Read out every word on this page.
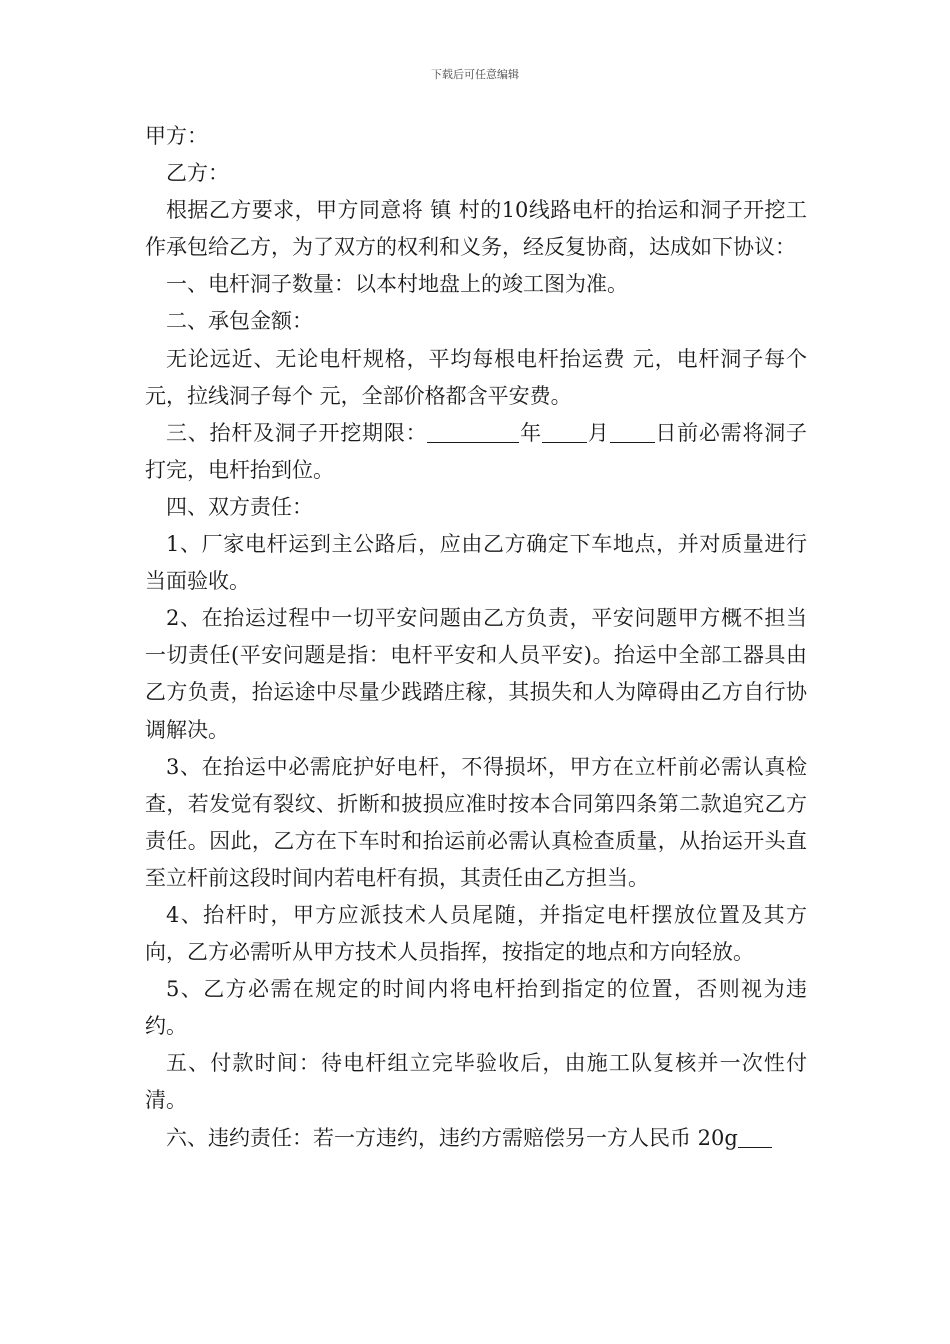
下载后可任意编辑

甲方：

乙方：

根据乙方要求，甲方同意将 镇 村的10线路电杆的抬运和洞子开挖工作承包给乙方，为了双方的权利和义务，经反复协商，达成如下协议：

一、电杆洞子数量：以本村地盘上的竣工图为准。

二、承包金额：

无论远近、无论电杆规格，平均每根电杆抬运费 元，电杆洞子每个 元，拉线洞子每个 元，全部价格都含平安费。

三、抬杆及洞子开挖期限：	年 月 日前必需将洞子打完，电杆抬到位。

四、双方责任：

1、厂家电杆运到主公路后，应由乙方确定下车地点，并对质量进行当面验收。

2、在抬运过程中一切平安问题由乙方负责，平安问题甲方概不担当一切责任(平安问题是指：电杆平安和人员平安)。抬运中全部工器具由乙方负责，抬运途中尽量少践踏庄稼，其损失和人为障碍由乙方自行协调解决。

3、在抬运中必需庇护好电杆，不得损坏，甲方在立杆前必需认真检查，若发觉有裂纹、折断和披损应准时按本合同第四条第二款追究乙方责任。因此，乙方在下车时和抬运前必需认真检查质量，从抬运开头直至立杆前这段时间内若电杆有损，其责任由乙方担当。

4、抬杆时，甲方应派技术人员尾随，并指定电杆摆放位置及其方向，乙方必需听从甲方技术人员指挥，按指定的地点和方向轻放。

5、乙方必需在规定的时间内将电杆抬到指定的位置，否则视为违约。

五、付款时间：待电杆组立完毕验收后，由施工队复核并一次性付清。

六、违约责任：若一方违约，违约方需赔偿另一方人民币 20g
